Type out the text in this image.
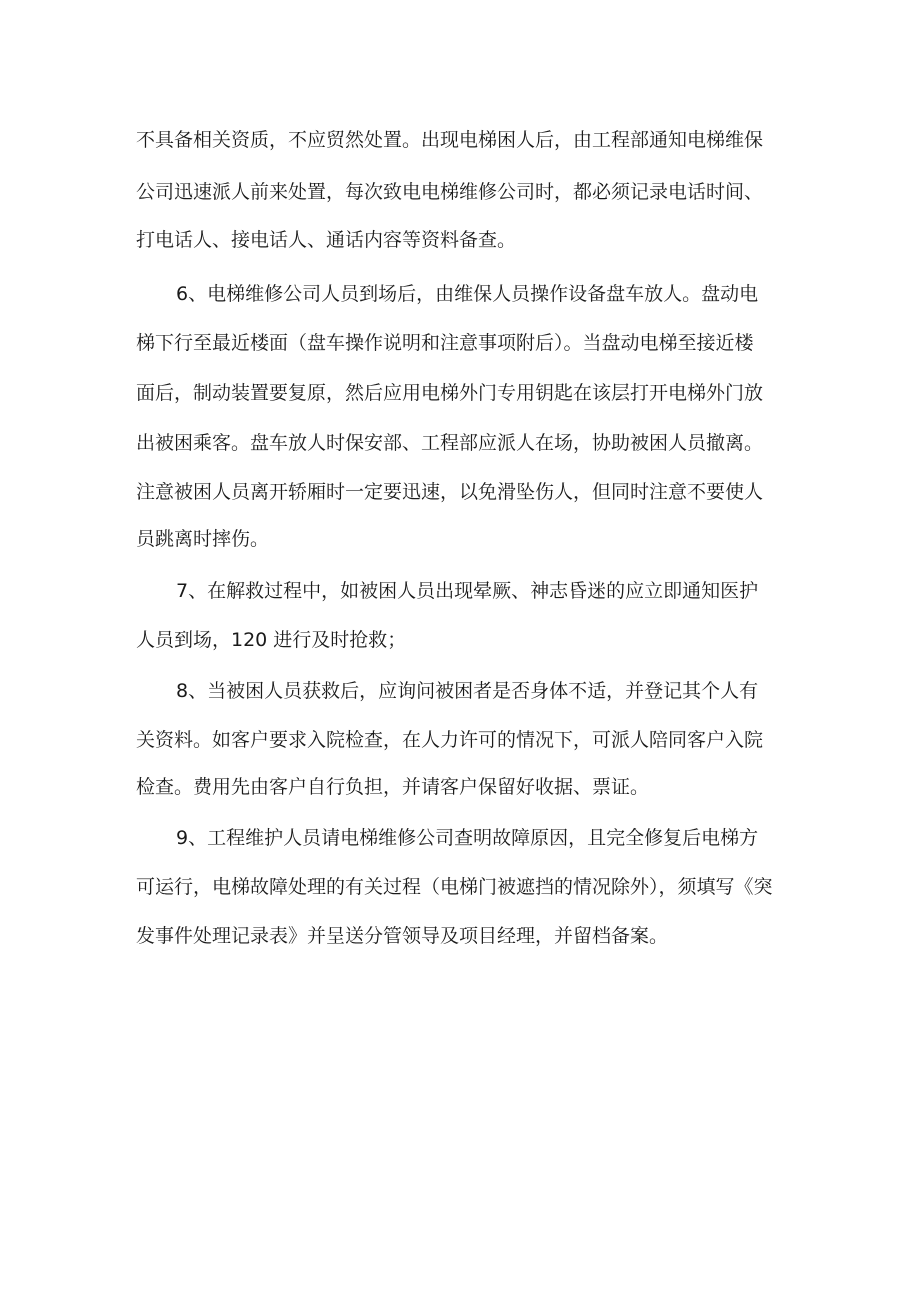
不具备相关资质，不应贸然处置。出现电梯困人后，由工程部通知电梯维保
公司迅速派人前来处置，每次致电电梯维修公司时，都必须记录电话时间、
打电话人、接电话人、通话内容等资料备查。
6、电梯维修公司人员到场后，由维保人员操作设备盘车放人。盘动电
梯下行至最近楼面（盘车操作说明和注意事项附后）。当盘动电梯至接近楼
面后，制动装置要复原，然后应用电梯外门专用钥匙在该层打开电梯外门放
出被困乘客。盘车放人时保安部、工程部应派人在场，协助被困人员撤离。
注意被困人员离开轿厢时一定要迅速，以免滑坠伤人，但同时注意不要使人
员跳离时摔伤。
7、在解救过程中，如被困人员出现晕厥、神志昏迷的应立即通知医护
人员到场，120 进行及时抢救；
8、当被困人员获救后，应询问被困者是否身体不适，并登记其个人有
关资料。如客户要求入院检查，在人力许可的情况下，可派人陪同客户入院
检查。费用先由客户自行负担，并请客户保留好收据、票证。
9、工程维护人员请电梯维修公司查明故障原因，且完全修复后电梯方
可运行，电梯故障处理的有关过程（电梯门被遮挡的情况除外），须填写《突
发事件处理记录表》并呈送分管领导及项目经理，并留档备案。
